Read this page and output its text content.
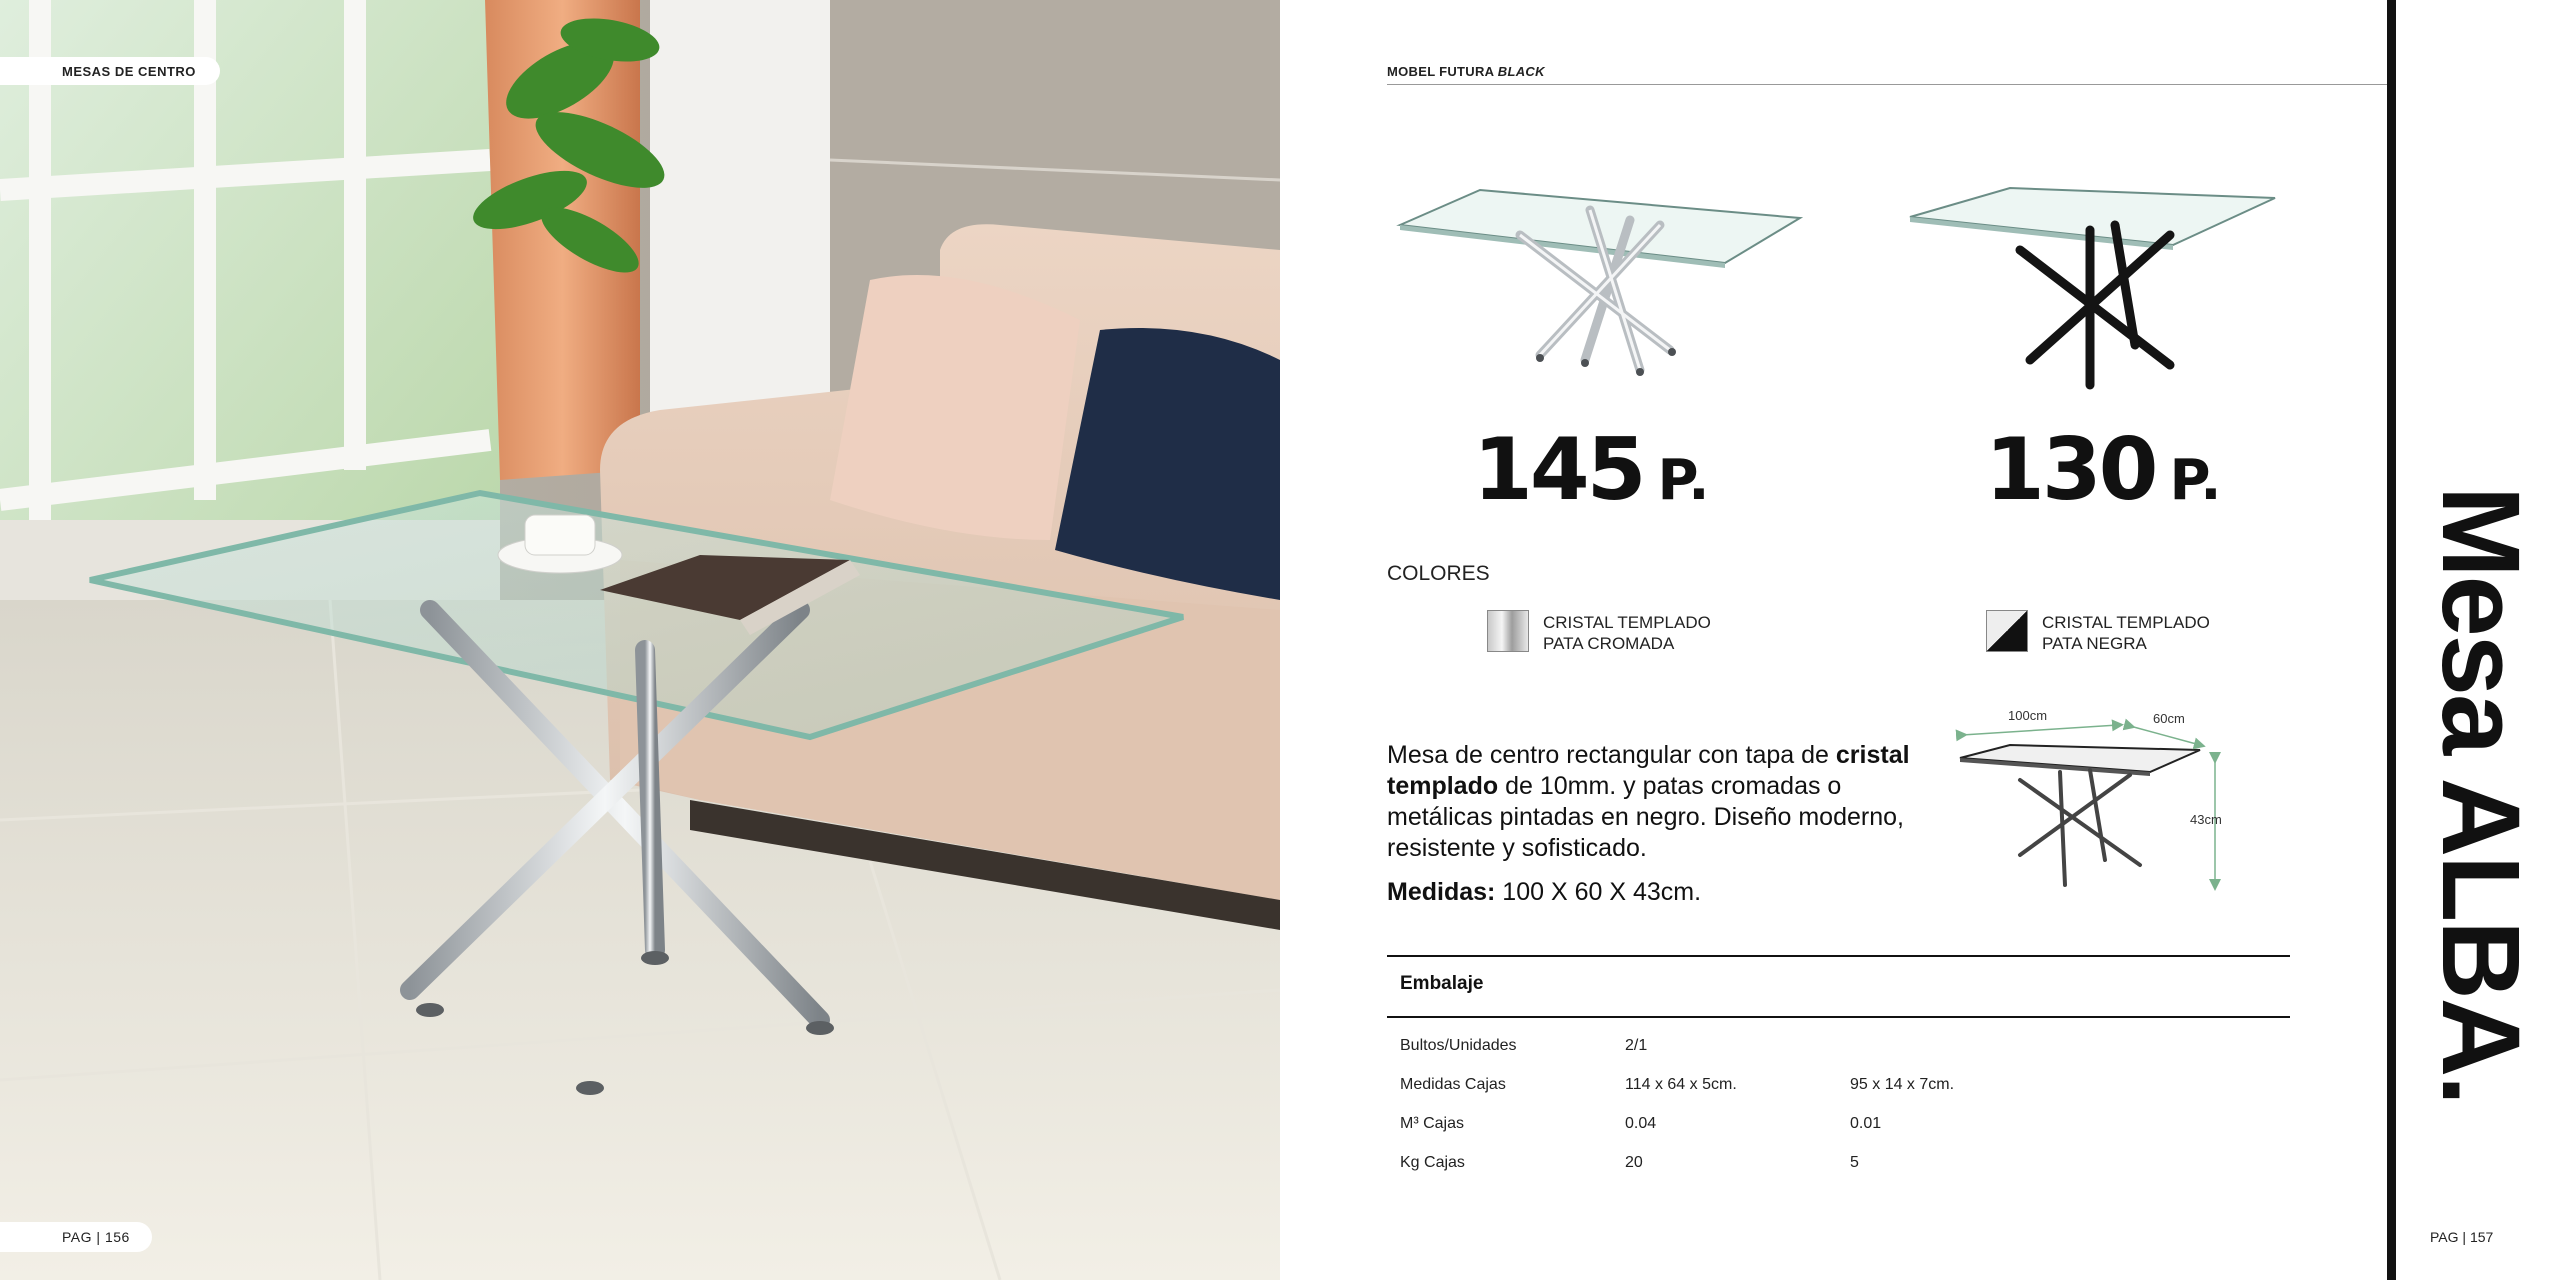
MESAS DE CENTRO
PAG | 156
MOBEL FUTURA BLACK
Mesa ALBA.
145 P.	130 P.
COLORES
CRISTAL TEMPLADO
PATA CROMADA
CRISTAL TEMPLADO
PATA NEGRA
Mesa de centro rectangular con tapa de cristal templado de 10mm. y patas cromadas o metálicas pintadas en negro. Diseño moderno, resistente y sofisticado.
Medidas: 100 X 60 X 43cm.
100cm	60cm
43cm
Embalaje
Bultos/Unidades	2/1	
Medidas Cajas	114 x 64 x 5cm.	95 x 14 x 7cm.
M³ Cajas	0.04	0.01
Kg Cajas	20	5
PAG | 157
